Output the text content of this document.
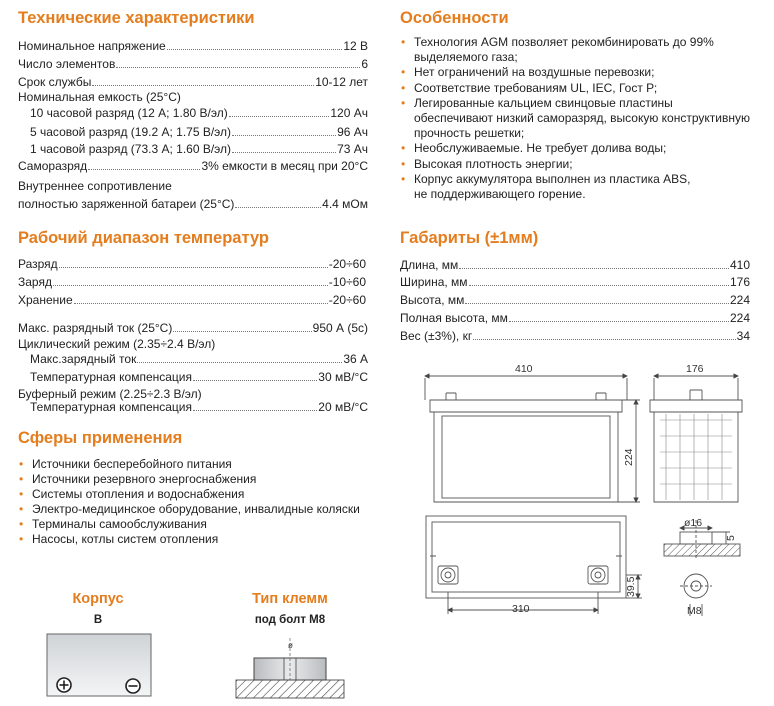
Технические характеристики
Номинальное напряжение	12 В
Число элементов	6
Срок службы	10-12 лет
Номинальная емкость (25°С)
10 часовой разряд (12 А; 1.80 В/эл)	120 Ач
5 часовой разряд (19.2 А; 1.75 В/эл)	96 Ач
1 часовой разряд (73.3 А; 1.60 В/эл)	73 Ач
Саморазряд	3% емкости в месяц при 20°С
Внутреннее сопротивление
полностью заряженной батареи (25°С)	4.4 мОм
Рабочий диапазон температур
Разряд	-20÷60
Заряд	-10÷60
Хранение	-20÷60
Макс. разрядный ток (25°С)	950 А (5с)
Циклический режим (2.35÷2.4 В/эл)
Макс.зарядный ток	36 А
Температурная компенсация	30 мВ/°С
Буферный режим (2.25÷2.3 В/эл)
Температурная компенсация	20 мВ/°С
Сферы применения
• Источники бесперебойного питания
• Источники резервного энергоснабжения
• Системы отопления и водоснабжения
• Электро-медицинское оборудование, инвалидные коляски
• Терминалы самообслуживания
• Насосы, котлы систем отопления
Корпус
B
Тип клемм
под болт М8
ø
Особенности
• Технология AGM позволяет рекомбинировать до 99%
выделяемого газа;
• Нет ограничений на воздушные перевозки;
• Соответствие требованиям UL, IEC, Гост Р;
• Легированные кальцием свинцовые пластины
обеспечивают низкий саморазряд, высокую конструктивную
прочность решетки;
• Необслуживаемые. Не требует долива воды;
• Высокая плотность энергии;
• Корпус аккумулятора выполнен из пластика ABS,
не поддерживающего горение.
Габариты (±1мм)
Длина, мм	410
Ширина, мм	176
Высота, мм	224
Полная высота, мм	224
Вес (±3%), кг	34
410	176
224
310
39.5
ø16
5
M8
